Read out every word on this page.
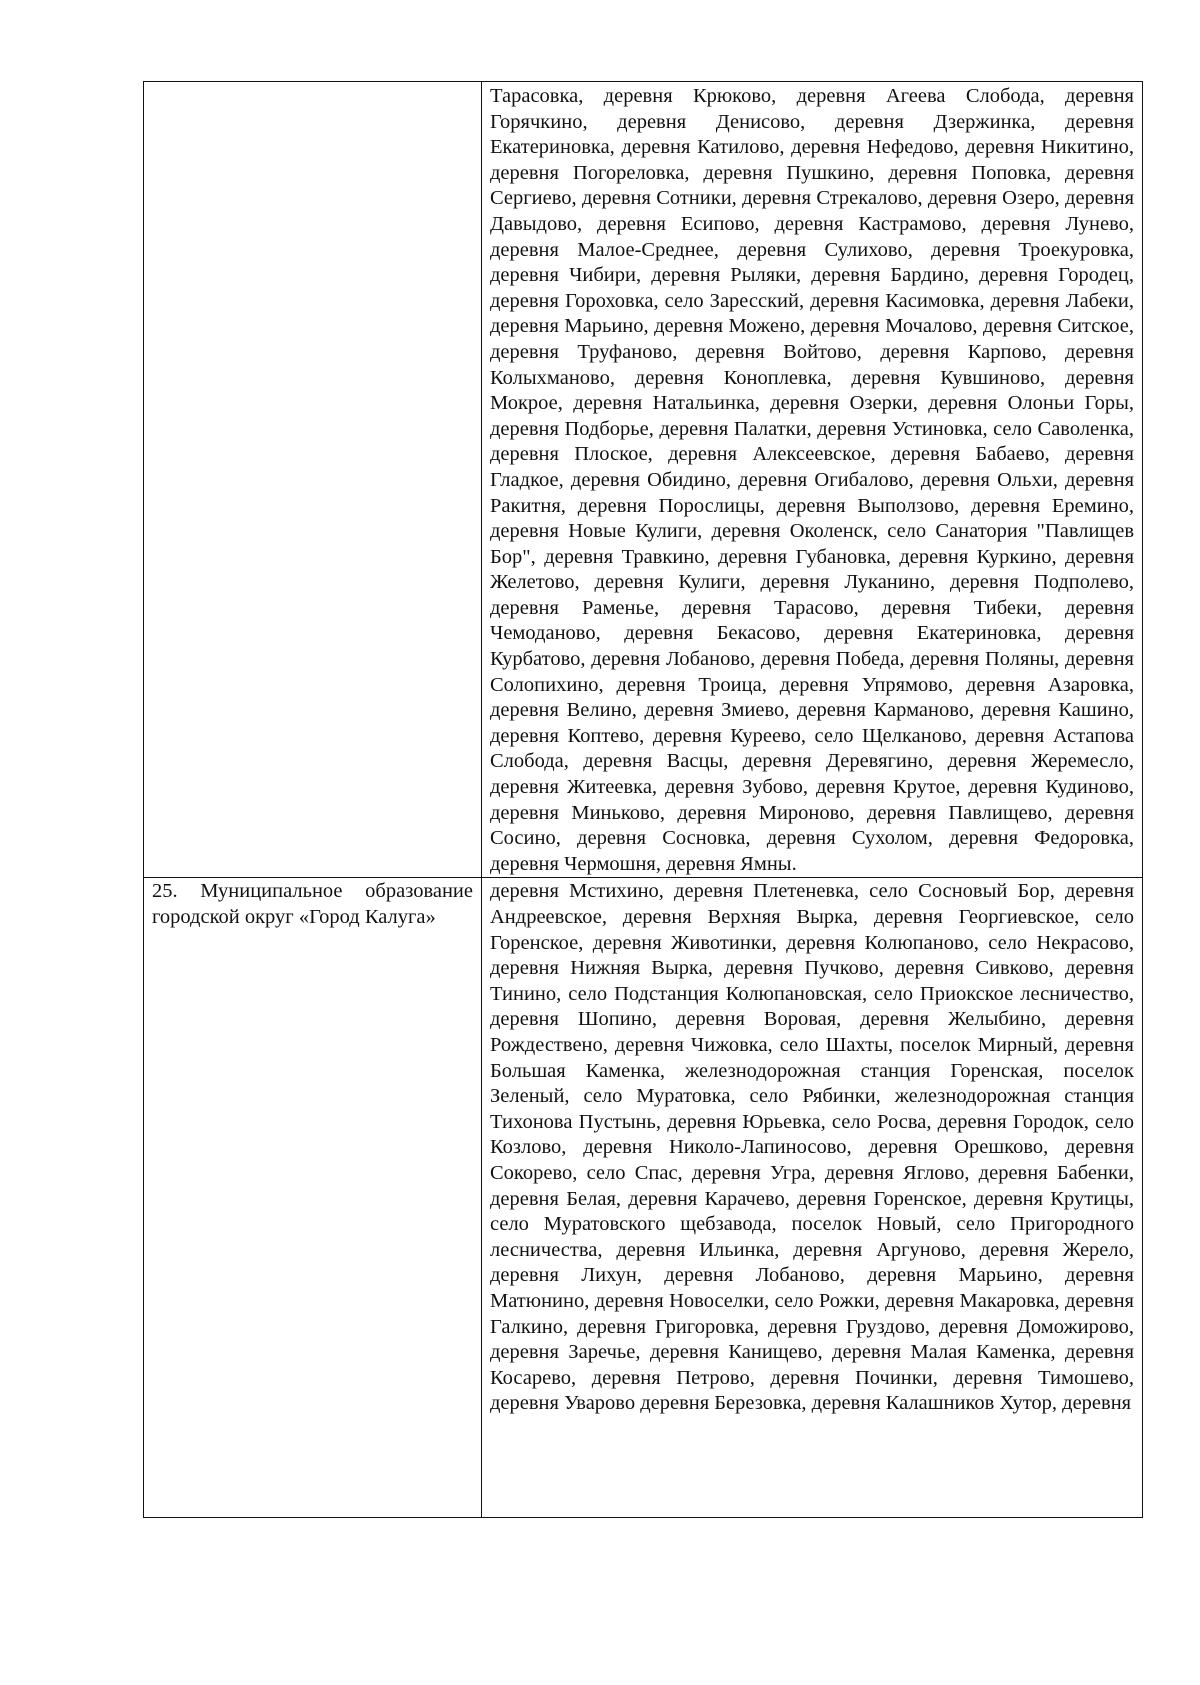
	Тарасовка, деревня Крюково, деревня Агеева Слобода, деревня Горячкино, деревня Денисово, деревня Дзержинка, деревня Екатериновка, деревня Катилово, деревня Нефедово, деревня Никитино, деревня Погореловка, деревня Пушкино, деревня Поповка, деревня Сергиево, деревня Сотники, деревня Стрекалово, деревня Озеро, деревня Давыдово, деревня Есипово, деревня Кастрамово, деревня Лунево, деревня Малое-Среднее, деревня Сулихово, деревня Троекуровка, деревня Чибири, деревня Рыляки, деревня Бардино, деревня Городец, деревня Гороховка, село Заресский, деревня Касимовка, деревня Лабеки, деревня Марьино, деревня Можено, деревня Мочалово, деревня Ситское, деревня Труфаново, деревня Войтово, деревня Карпово, деревня Колыхманово, деревня Коноплевка, деревня Кувшиново, деревня Мокрое, деревня Натальинка, деревня Озерки, деревня Олоньи Горы, деревня Подборье, деревня Палатки, деревня Устиновка, село Саволенка, деревня Плоское, деревня Алексеевское, деревня Бабаево, деревня Гладкое, деревня Обидино, деревня Огибалово, деревня Ольхи, деревня Ракитня, деревня Порослицы, деревня Выползово, деревня Еремино, деревня Новые Кулиги, деревня Околенск, село Санатория "Павлищев Бор", деревня Травкино, деревня Губановка, деревня Куркино, деревня Желетово, деревня Кулиги, деревня Луканино, деревня Подполево, деревня Раменье, деревня Тарасово, деревня Тибеки, деревня Чемоданово, деревня Бекасово, деревня Екатериновка, деревня Курбатово, деревня Лобаново, деревня Победа, деревня Поляны, деревня Солопихино, деревня Троица, деревня Упрямово, деревня Азаровка, деревня Велино, деревня Змиево, деревня Карманово, деревня Кашино, деревня Коптево, деревня Куреево, село Щелканово, деревня Астапова Слобода, деревня Васцы, деревня Деревягино, деревня Жеремесло, деревня Житеевка, деревня Зубово, деревня Крутое, деревня Кудиново, деревня Миньково, деревня Мироново, деревня Павлищево, деревня Сосино, деревня Сосновка, деревня Сухолом, деревня Федоровка, деревня Чермошня, деревня Ямны.
25. Муниципальное образование городской округ «Город Калуга»	деревня Мстихино, деревня Плетеневка, село Сосновый Бор, деревня Андреевское, деревня Верхняя Вырка, деревня Георгиевское, село Горенское, деревня Животинки, деревня Колюпаново, село Некрасово, деревня Нижняя Вырка, деревня Пучково, деревня Сивково, деревня Тинино, село Подстанция Колюпановская, село Приокское лесничество, деревня Шопино, деревня Воровая, деревня Желыбино, деревня Рождествено, деревня Чижовка, село Шахты, поселок Мирный, деревня Большая Каменка, железнодорожная станция Горенская, поселок Зеленый, село Муратовка, село Рябинки, железнодорожная станция Тихонова Пустынь, деревня Юрьевка, село Росва, деревня Городок, село Козлово, деревня Николо-Лапиносово, деревня Орешково, деревня Сокорево, село Спас, деревня Угра, деревня Яглово, деревня Бабенки, деревня Белая, деревня Карачево, деревня Горенское, деревня Крутицы, село Муратовского щебзавода, поселок Новый, село Пригородного лесничества, деревня Ильинка, деревня Аргуново, деревня Жерело, деревня Лихун, деревня Лобаново, деревня Марьино, деревня Матюнино, деревня Новоселки, село Рожки, деревня Макаровка, деревня Галкино, деревня Григоровка, деревня Груздово, деревня Доможирово, деревня Заречье, деревня Канищево, деревня Малая Каменка, деревня Косарево, деревня Петрово, деревня Починки, деревня Тимошево, деревня Уварово деревня Березовка, деревня Калашников Хутор, деревня
